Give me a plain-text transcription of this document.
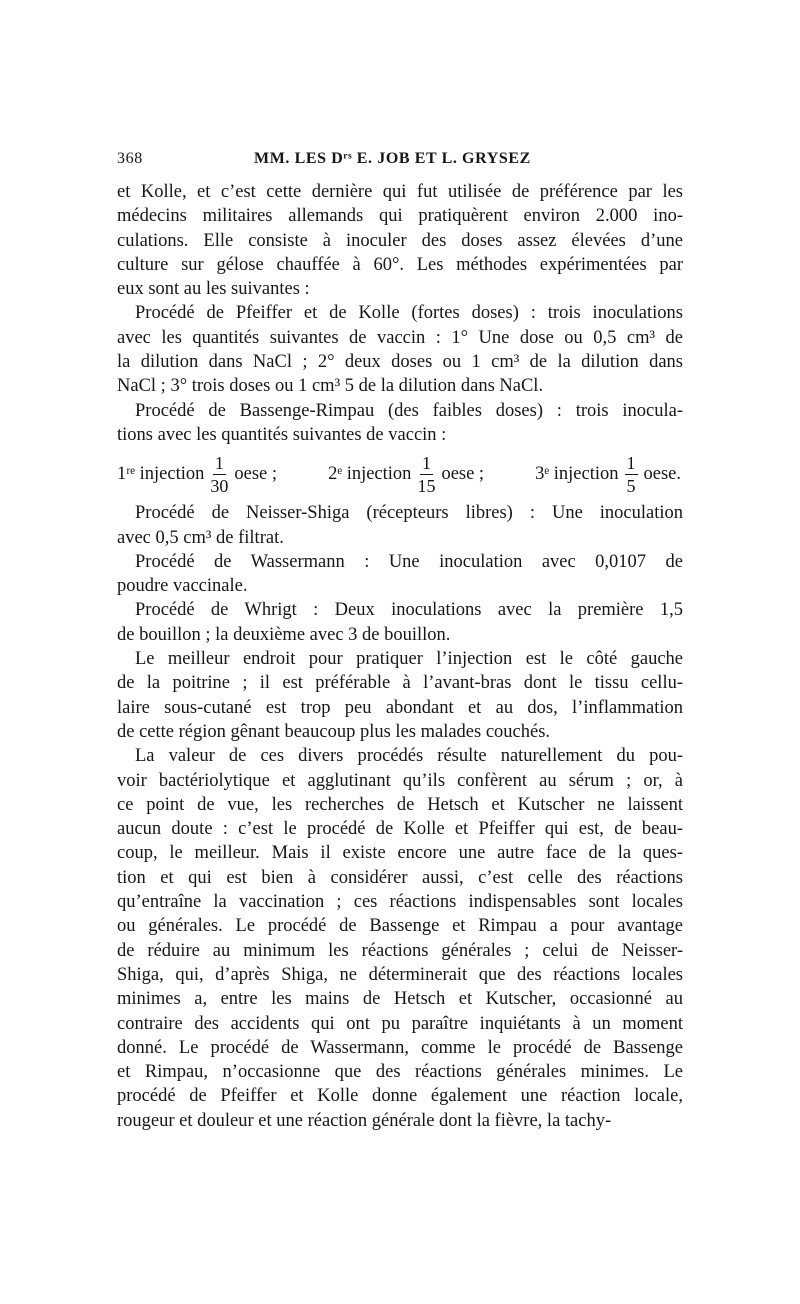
368	MM. LES Dʳˢ E. JOB ET L. GRYSEZ
et Kolle, et c’est cette dernière qui fut utilisée de préférence par les
médecins militaires allemands qui pratiquèrent environ 2.000 ino-
culations. Elle consiste à inoculer des doses assez élevées d’une
culture sur gélose chauffée à 60°. Les méthodes expérimentées par
eux sont au les suivantes :
Procédé de Pfeiffer et de Kolle (fortes doses) : trois inoculations
avec les quantités suivantes de vaccin : 1° Une dose ou 0,5 cm³ de
la dilution dans NaCl ; 2° deux doses ou 1 cm³ de la dilution dans
NaCl ; 3° trois doses ou 1 cm³ 5 de la dilution dans NaCl.
Procédé de Bassenge-Rimpau (des faibles doses) : trois inocula-
tions avec les quantités suivantes de vaccin :
1ʳᵉ injection $\frac{1}{30}$ oese ;	2ᵉ injection $\frac{1}{15}$ oese ;	3ᵉ injection $\frac{1}{5}$ oese.
Procédé de Neisser-Shiga (récepteurs libres) : Une inoculation
avec 0,5 cm³ de filtrat.
Procédé de Wassermann : Une inoculation avec 0,0107 de
poudre vaccinale.
Procédé de Whrigt : Deux inoculations avec la première 1,5
de bouillon ; la deuxième avec 3 de bouillon.
Le meilleur endroit pour pratiquer l’injection est le côté gauche
de la poitrine ; il est préférable à l’avant-bras dont le tissu cellu-
laire sous-cutané est trop peu abondant et au dos, l’inflammation
de cette région gênant beaucoup plus les malades couchés.
La valeur de ces divers procédés résulte naturellement du pou-
voir bactériolytique et agglutinant qu’ils confèrent au sérum ; or, à
ce point de vue, les recherches de Hetsch et Kutscher ne laissent
aucun doute : c’est le procédé de Kolle et Pfeiffer qui est, de beau-
coup, le meilleur. Mais il existe encore une autre face de la ques-
tion et qui est bien à considérer aussi, c’est celle des réactions
qu’entraîne la vaccination ; ces réactions indispensables sont locales
ou générales. Le procédé de Bassenge et Rimpau a pour avantage
de réduire au minimum les réactions générales ; celui de Neisser-
Shiga, qui, d’après Shiga, ne déterminerait que des réactions locales
minimes a, entre les mains de Hetsch et Kutscher, occasionné au
contraire des accidents qui ont pu paraître inquiétants à un moment
donné. Le procédé de Wassermann, comme le procédé de Bassenge
et Rimpau, n’occasionne que des réactions générales minimes. Le
procédé de Pfeiffer et Kolle donne également une réaction locale,
rougeur et douleur et une réaction générale dont la fièvre, la tachy-
